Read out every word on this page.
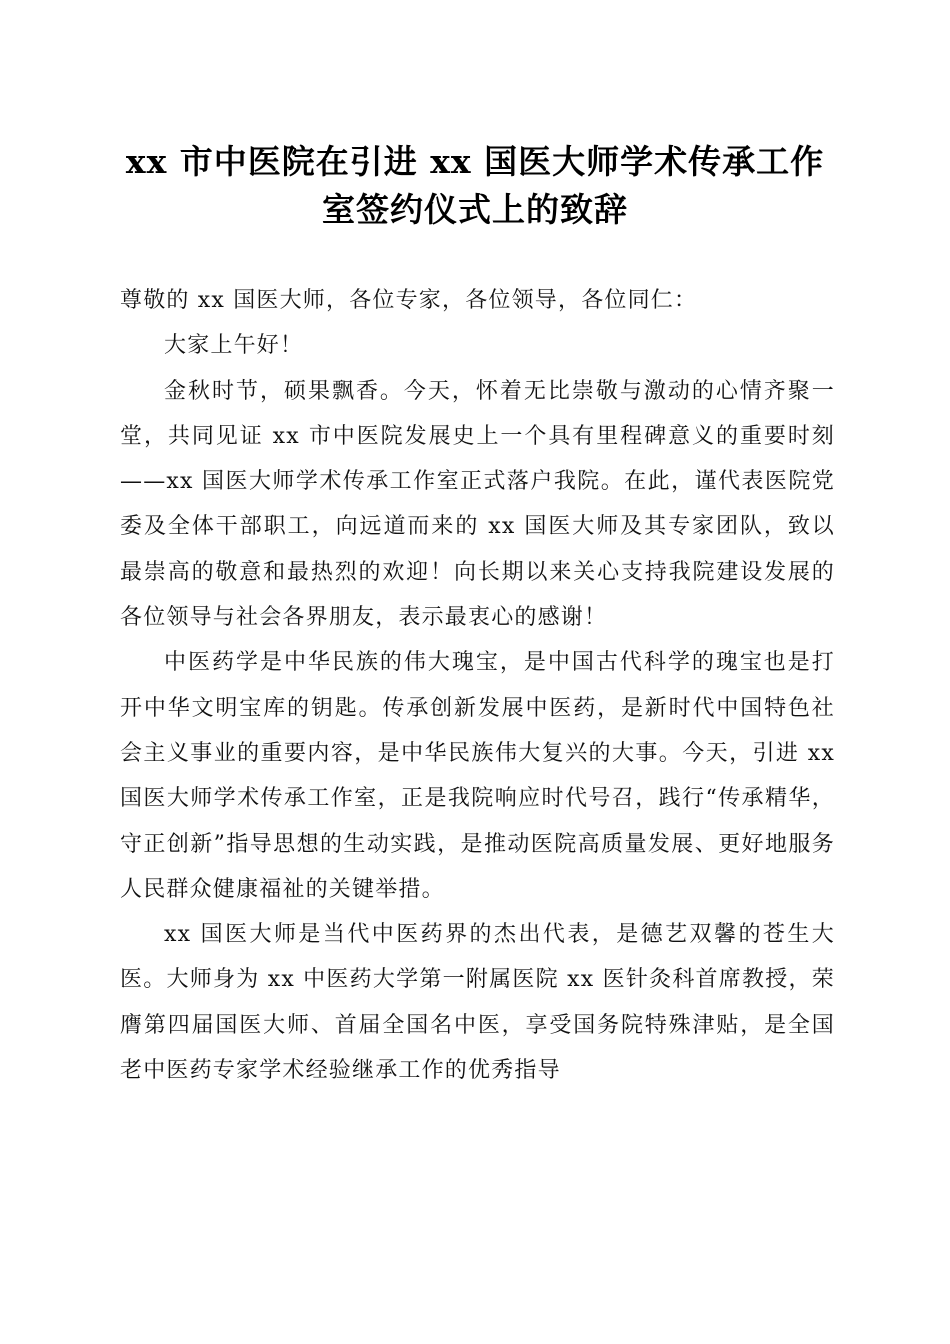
xx 市中医院在引进 xx 国医大师学术传承工作
室签约仪式上的致辞

尊敬的 xx 国医大师，各位专家，各位领导，各位同仁：

大家上午好！

金秋时节，硕果飘香。今天，怀着无比崇敬与激动的心情齐聚一堂，共同见证 xx 市中医院发展史上一个具有里程碑意义的重要时刻——xx 国医大师学术传承工作室正式落户我院。在此，谨代表医院党委及全体干部职工，向远道而来的 xx 国医大师及其专家团队，致以最崇高的敬意和最热烈的欢迎！向长期以来关心支持我院建设发展的各位领导与社会各界朋友，表示最衷心的感谢！

中医药学是中华民族的伟大瑰宝，是中国古代科学的瑰宝也是打开中华文明宝库的钥匙。传承创新发展中医药，是新时代中国特色社会主义事业的重要内容，是中华民族伟大复兴的大事。今天，引进 xx 国医大师学术传承工作室，正是我院响应时代号召，践行“传承精华，守正创新”指导思想的生动实践，是推动医院高质量发展、更好地服务人民群众健康福祉的关键举措。

xx 国医大师是当代中医药界的杰出代表，是德艺双馨的苍生大医。大师身为 xx 中医药大学第一附属医院 xx 医针灸科首席教授，荣膺第四届国医大师、首届全国名中医，享受国务院特殊津贴，是全国老中医药专家学术经验继承工作的优秀指导
